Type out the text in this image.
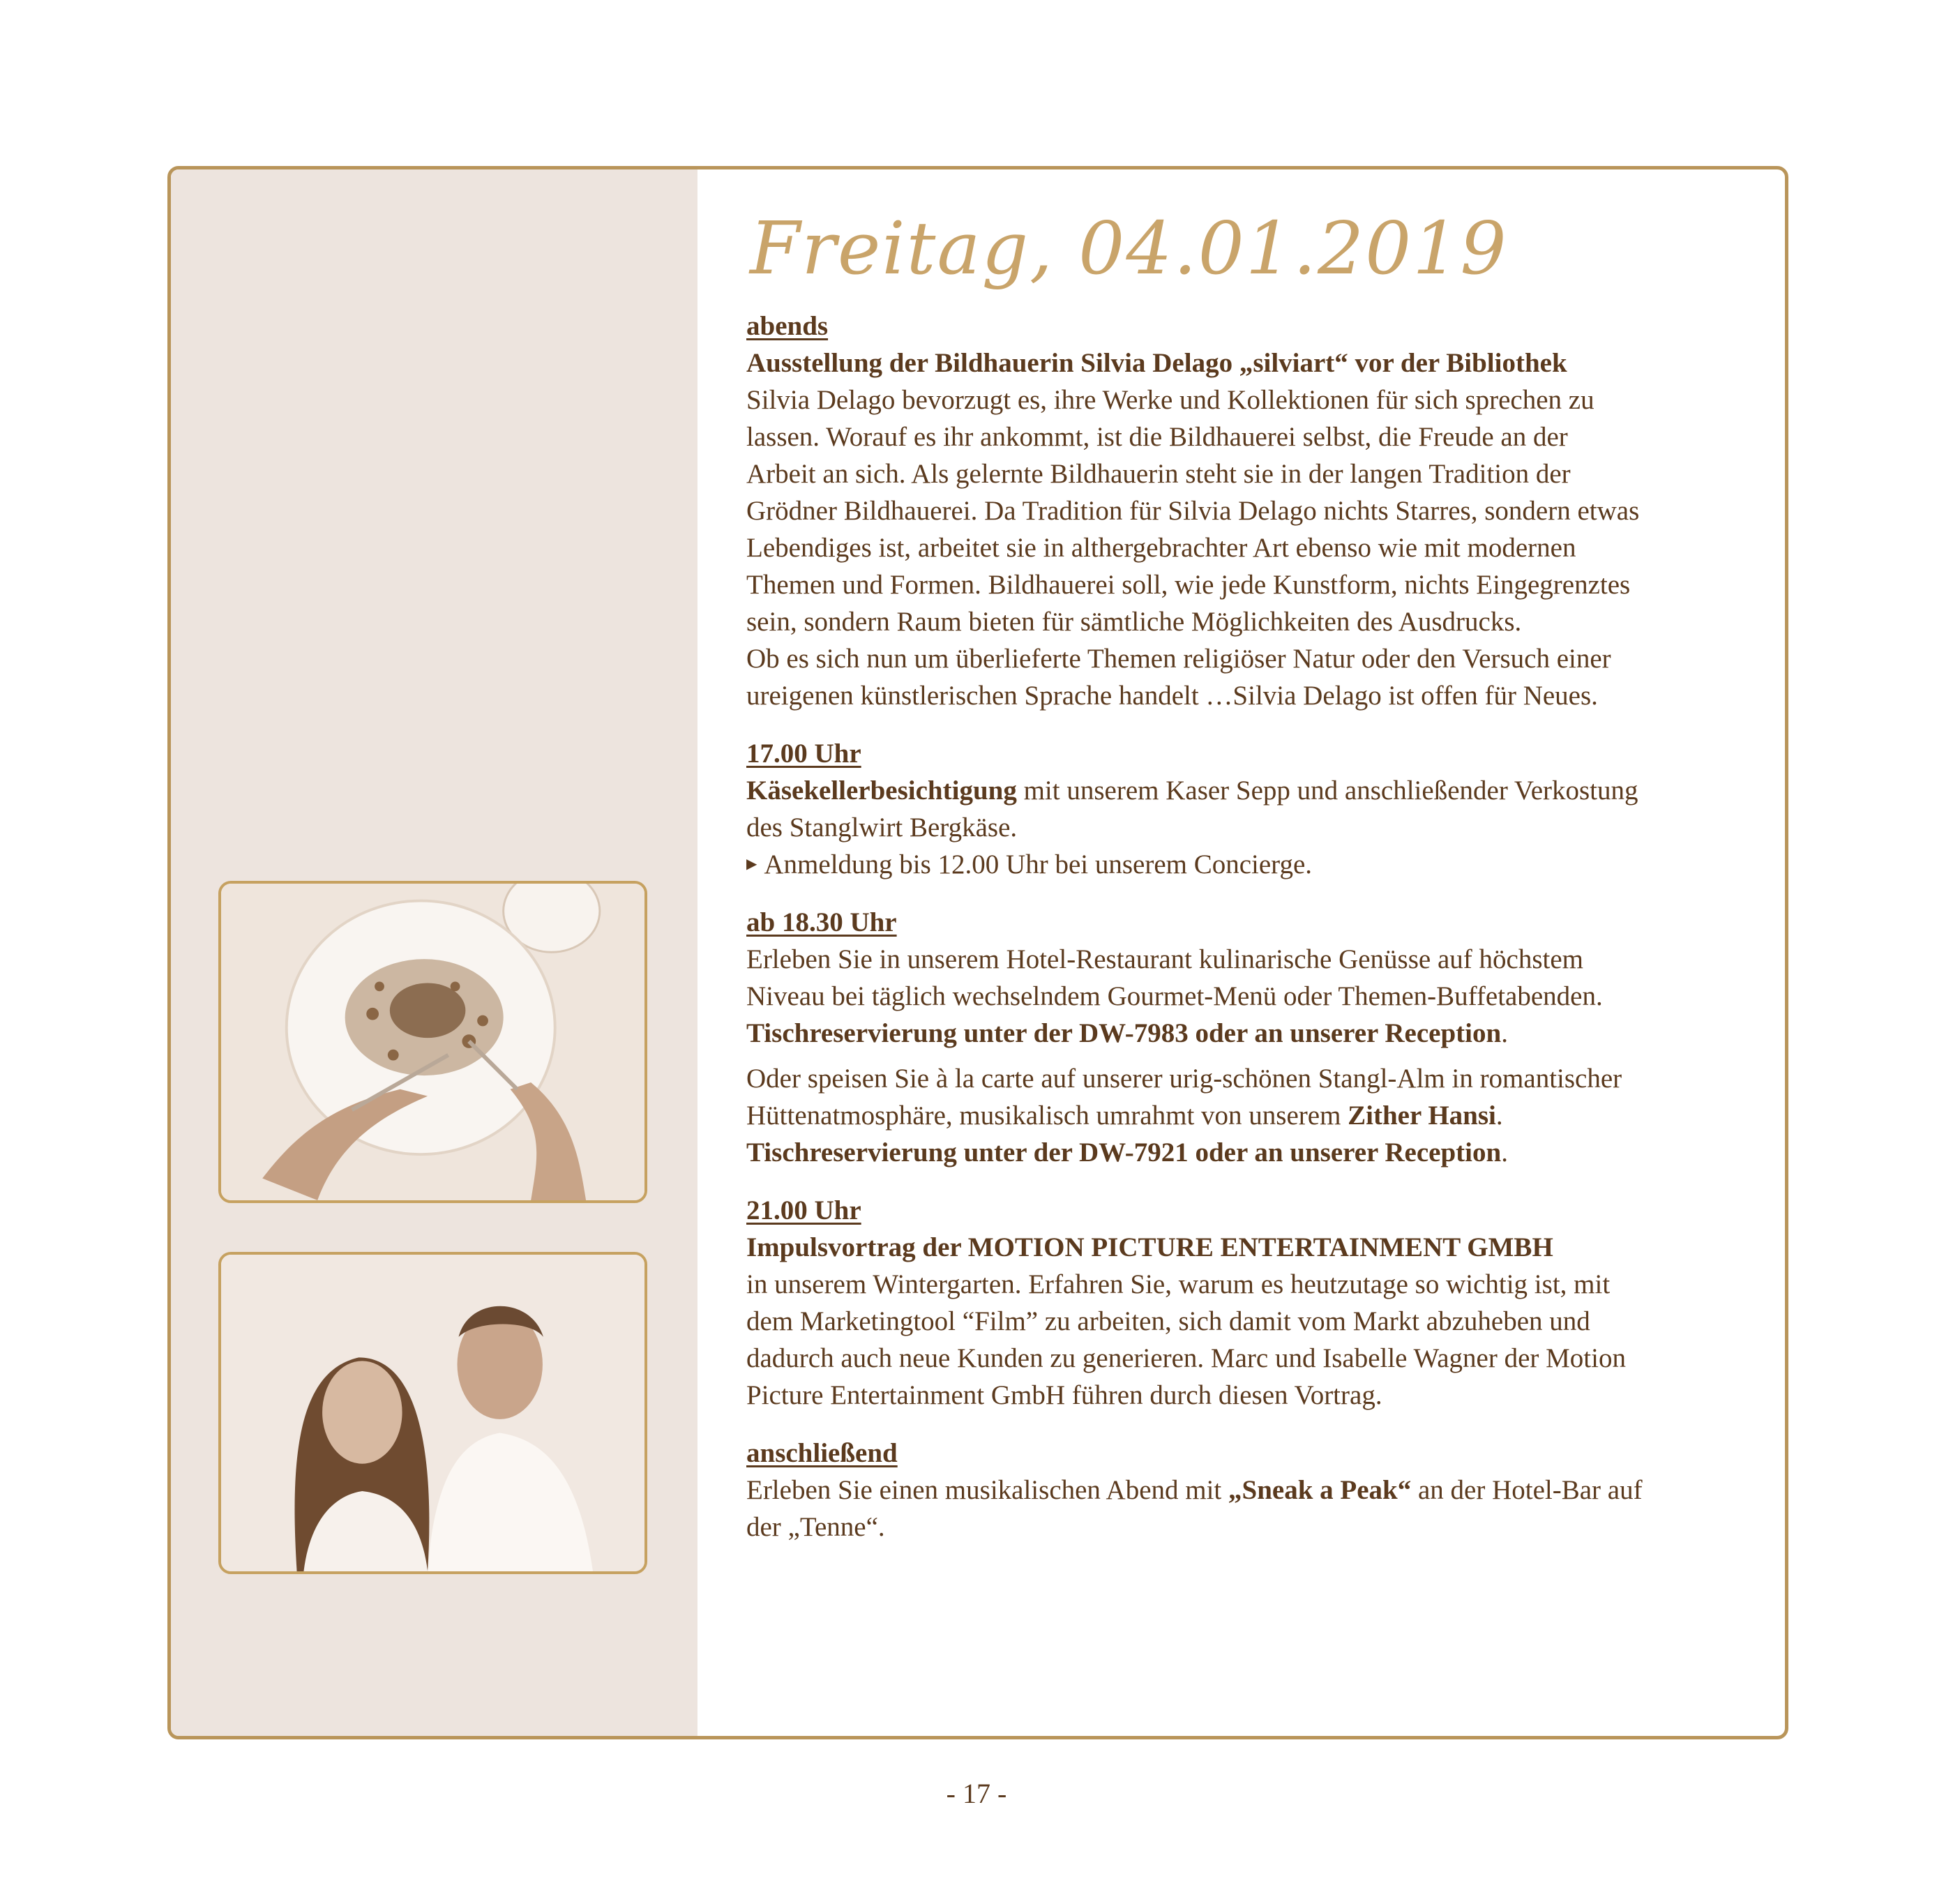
Freitag, 04.01.2019

abends

Ausstellung der Bildhauerin Silvia Delago „silviart“ vor der Bibliothek

Silvia Delago bevorzugt es, ihre Werke und Kollektionen für sich sprechen zu

lassen. Worauf es ihr ankommt, ist die Bildhauerei selbst, die Freude an der

Arbeit an sich. Als gelernte Bildhauerin steht sie in der langen Tradition der

Grödner Bildhauerei. Da Tradition für Silvia Delago nichts Starres, sondern etwas

Lebendiges ist, arbeitet sie in althergebrachter Art ebenso wie mit modernen

Themen und Formen. Bildhauerei soll, wie jede Kunstform, nichts Eingegrenztes

sein, sondern Raum bieten für sämtliche Möglichkeiten des Ausdrucks.

Ob es sich nun um überlieferte Themen religiöser Natur oder den Versuch einer

ureigenen künstlerischen Sprache handelt …Silvia Delago ist offen für Neues.

17.00 Uhr

Käsekellerbesichtigung mit unserem Kaser Sepp und anschließender Verkostung

des Stanglwirt Bergkäse.

▶ Anmeldung bis 12.00 Uhr bei unserem Concierge.

ab 18.30 Uhr

Erleben Sie in unserem Hotel-Restaurant kulinarische Genüsse auf höchstem

Niveau bei täglich wechselndem Gourmet-Menü oder Themen-Buffetabenden.

Tischreservierung unter der DW-7983 oder an unserer Reception.

Oder speisen Sie à la carte auf unserer urig-schönen Stangl-Alm in romantischer

Hüttenatmosphäre, musikalisch umrahmt von unserem Zither Hansi.

Tischreservierung unter der DW-7921 oder an unserer Reception.

21.00 Uhr

Impulsvortrag der MOTION PICTURE ENTERTAINMENT GMBH

in unserem Wintergarten. Erfahren Sie, warum es heutzutage so wichtig ist, mit

dem Marketingtool “Film” zu arbeiten, sich damit vom Markt abzuheben und

dadurch auch neue Kunden zu generieren. Marc und Isabelle Wagner der Motion

Picture Entertainment GmbH führen durch diesen Vortrag.

anschließend

Erleben Sie einen musikalischen Abend mit „Sneak a Peak“ an der Hotel-Bar auf

der „Tenne“.

- 17 -
